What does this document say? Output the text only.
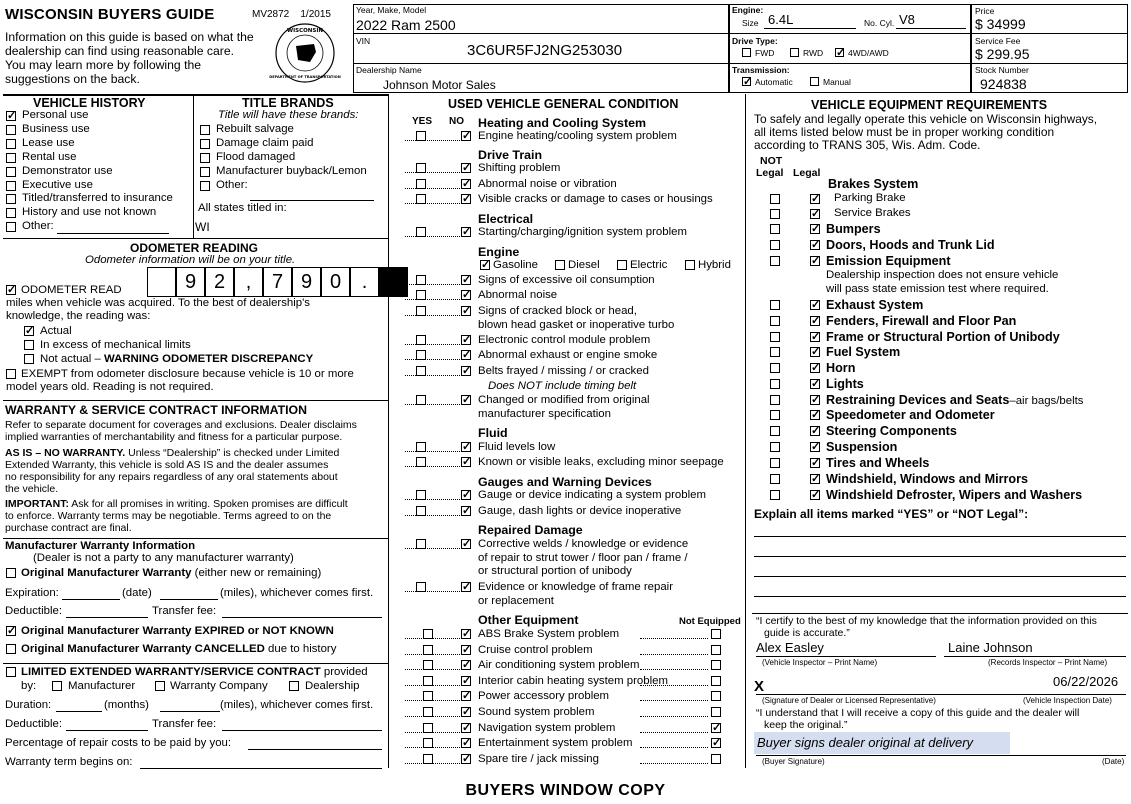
WISCONSIN BUYERS GUIDE	MV2872 1/2015
Information on this guide is based on what the dealership can find using reasonable care. You may learn more by following the suggestions on the back.
WISCONSIN
DEPARTMENT OF TRANSPORTATION
Year, Make, Model
2022 Ram 2500
VIN
3C6UR5FJ2NG253030
Dealership Name
Johnson Motor Sales
Engine:
Size 6.4L	No. Cyl. V8
Drive Type:
FWD	RWD
✓	4WD/AWD
Transmission:
✓
Automatic	Manual
Price
$ 34999
Service Fee
$ 299.95
Stock Number
924838
VEHICLE HISTORY
✓
Personal use
Business use
Lease use
Rental use
Demonstrator use
Executive use
Titled/transferred to insurance
History and use not known
Other:
TITLE BRANDS
Title will have these brands:
Rebuilt salvage
Damage claim paid
Flood damaged
Manufacturer buyback/Lemon
Other:
All states titled in:
WI
ODOMETER READING
Odometer information will be on your title.
✓
ODOMETER READ	9 2	,	7 9 0	.
miles when vehicle was acquired. To the best of dealership's
knowledge, the reading was:
✓
Actual
In excess of mechanical limits
Not actual – WARNING ODOMETER DISCREPANCY
EXEMPT from odometer disclosure because vehicle is 10 or more
model years old. Reading is not required.
WARRANTY & SERVICE CONTRACT INFORMATION
Refer to separate document for coverages and exclusions. Dealer disclaims
implied warranties of merchantability and fitness for a particular purpose.
AS IS – NO WARRANTY. Unless “Dealership” is checked under Limited
Extended Warranty, this vehicle is sold AS IS and the dealer assumes
no responsibility for any repairs regardless of any oral statements about
the vehicle.
IMPORTANT: Ask for all promises in writing. Spoken promises are difficult
to enforce. Warranty terms may be negotiable. Terms agreed to on the
purchase contract are final.
Manufacturer Warranty Information
(Dealer is not a party to any manufacturer warranty)
Original Manufacturer Warranty (either new or remaining)
Expiration:	(date)	(miles), whichever comes first.
Deductible:	Transfer fee:
✓
Original Manufacturer Warranty EXPIRED or NOT KNOWN
Original Manufacturer Warranty CANCELLED due to history
LIMITED EXTENDED WARRANTY/SERVICE CONTRACT provided
by:	Manufacturer	Warranty Company	Dealership
Duration:	(months)	(miles), whichever comes first.
Deductible:	Transfer fee:
Percentage of repair costs to be paid by you:
Warranty term begins on:
USED VEHICLE GENERAL CONDITION
YES NO Heating and Cooling System
✓
Engine heating/cooling system problem
Drive Train
✓
Shifting problem
✓
Abnormal noise or vibration
✓
Visible cracks or damage to cases or housings
Electrical
✓
Starting/charging/ignition system problem
Engine
✓
Gasoline	Diesel	Electric	Hybrid
✓
Signs of excessive oil consumption
✓
Abnormal noise
✓
Signs of cracked block or head,
blown head gasket or inoperative turbo
✓
Electronic control module problem
✓
Abnormal exhaust or engine smoke
✓
Belts frayed / missing / or cracked
Does NOT include timing belt
✓
Changed or modified from original
manufacturer specification
Fluid
✓
Fluid levels low
✓
Known or visible leaks, excluding minor seepage
Gauges and Warning Devices
✓
Gauge or device indicating a system problem
✓
Gauge, dash lights or device inoperative
Repaired Damage
✓
Corrective welds / knowledge or evidence
of repair to strut tower / floor pan / frame /
or structural portion of unibody
✓
Evidence or knowledge of frame repair
or replacement
Other Equipment	Not Equipped
✓
ABS Brake System problem
✓
Cruise control problem
✓
Air conditioning system problem
✓
Interior cabin heating system problem
✓
Power accessory problem
✓
Sound system problem
✓
Navigation system problem
✓
✓
Entertainment system problem
✓
✓
Spare tire / jack missing
VEHICLE EQUIPMENT REQUIREMENTS
To safely and legally operate this vehicle on Wisconsin highways,
all items listed below must be in proper working condition
according to TRANS 305, Wis. Adm. Code.
NOT
Legal Legal
Brakes System
✓
Parking Brake
✓
Service Brakes
✓
Bumpers
✓
Doors, Hoods and Trunk Lid
✓
Emission Equipment
Dealership inspection does not ensure vehicle
will pass state emission test where required.
✓
Exhaust System
✓
Fenders, Firewall and Floor Pan
✓
Frame or Structural Portion of Unibody
✓
Fuel System
✓
Horn
✓
Lights
✓
Restraining Devices and Seats–air bags/belts
✓
Speedometer and Odometer
✓
Steering Components
✓
Suspension
✓
Tires and Wheels
✓
Windshield, Windows and Mirrors
✓
Windshield Defroster, Wipers and Washers
Explain all items marked “YES” or “NOT Legal”:
“I certify to the best of my knowledge that the information provided on this
guide is accurate.”
Alex Easley	Laine Johnson
(Vehicle Inspector – Print Name)	(Records Inspector – Print Name)
X	06/22/2026
(Signature of Dealer or Licensed Representative)	(Vehicle Inspection Date)
“I understand that I will receive a copy of this guide and the dealer will
keep the original.”
Buyer signs dealer original at delivery
(Buyer Signature)	(Date)
BUYERS WINDOW COPY
